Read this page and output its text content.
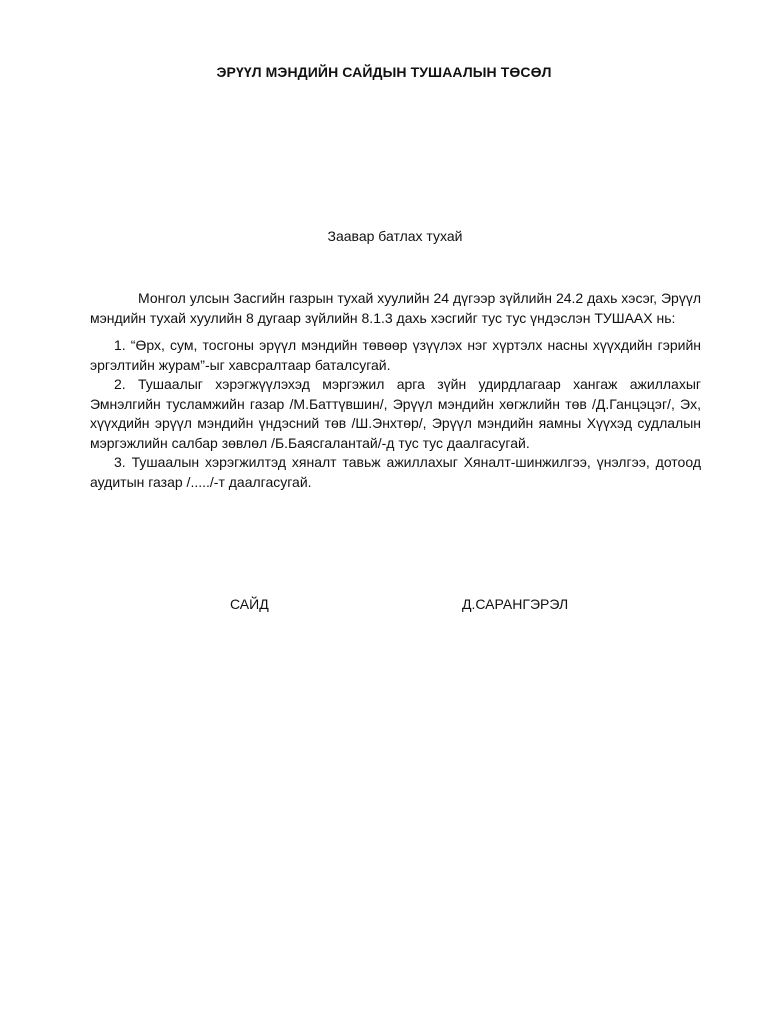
ЭРҮҮЛ МЭНДИЙН САЙДЫН ТУШААЛЫН ТӨСӨЛ
Заавар батлах тухай

Монгол улсын Засгийн газрын тухай хуулийн 24 дүгээр зүйлийн 24.2 дахь хэсэг, Эрүүл мэндийн тухай хуулийн 8 дугаар зүйлийн 8.1.3 дахь хэсгийг тус тус үндэслэн ТУШААХ нь:

1. “Өрх, сум, тосгоны эрүүл мэндийн төвөөр үзүүлэх нэг хүртэлх насны хүүхдийн гэрийн эргэлтийн журам”-ыг хавсралтаар баталсугай.

2. Тушаалыг хэрэгжүүлэхэд мэргэжил арга зүйн удирдлагаар хангаж ажиллахыг Эмнэлгийн тусламжийн газар /М.Баттүвшин/, Эрүүл мэндийн хөгжлийн төв /Д.Ганцэцэг/, Эх, хүүхдийн эрүүл мэндийн үндэсний төв /Ш.Энхтөр/, Эрүүл мэндийн яамны Хүүхэд судлалын мэргэжлийн салбар зөвлөл /Б.Баясгалантай/-д тус тус даалгасугай.

3. Тушаалын хэрэгжилтэд хяналт тавьж ажиллахыг Хяналт-шинжилгээ, үнэлгээ, дотоод аудитын газар /...../-т даалгасугай.

САЙД	Д.САРАНГЭРЭЛ
